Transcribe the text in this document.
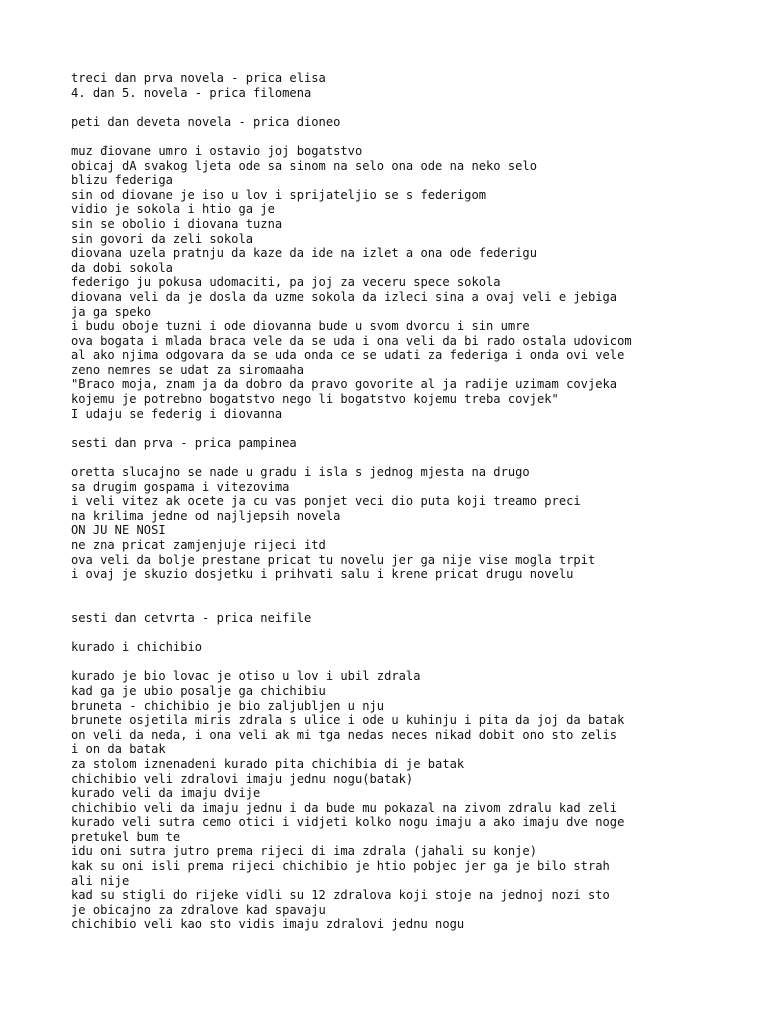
treci dan prva novela - prica elisa
4. dan 5. novela - prica filomena
peti dan deveta novela - prica dioneo
muz điovane umro i ostavio joj bogatstvo
obicaj dA svakog ljeta ode sa sinom na selo ona ode na neko selo
blizu federiga
sin od diovane je iso u lov i sprijateljio se s federigom
vidio je sokola i htio ga je
sin se obolio i diovana tuzna
sin govori da zeli sokola
diovana uzela pratnju da kaze da ide na izlet a ona ode federigu
da dobi sokola
federigo ju pokusa udomaciti, pa joj za veceru spece sokola
diovana veli da je dosla da uzme sokola da izleci sina a ovaj veli e jebiga
ja ga speko
i budu oboje tuzni i ode diovanna bude u svom dvorcu i sin umre
ova bogata i mlada braca vele da se uda i ona veli da bi rado ostala udovicom
al ako njima odgovara da se uda onda ce se udati za federiga i onda ovi vele
zeno nemres se udat za siromaaha
"Braco moja, znam ja da dobro da pravo govorite al ja radije uzimam covjeka
kojemu je potrebno bogatstvo nego li bogatstvo kojemu treba covjek"
I udaju se federig i diovanna
sesti dan prva - prica pampinea
oretta slucajno se nade u gradu i isla s jednog mjesta na drugo
sa drugim gospama i vitezovima
i veli vitez ak ocete ja cu vas ponjet veci dio puta koji treamo preci
na krilima jedne od najljepsih novela
ON JU NE NOSI
ne zna pricat zamjenjuje rijeci itd
ova veli da bolje prestane pricat tu novelu jer ga nije vise mogla trpit
i ovaj je skuzio dosjetku i prihvati salu i krene pricat drugu novelu
sesti dan cetvrta - prica neifile
kurado i chichibio
kurado je bio lovac je otiso u lov i ubil zdrala
kad ga je ubio posalje ga chichibiu
bruneta - chichibio je bio zaljubljen u nju
brunete osjetila miris zdrala s ulice i ode u kuhinju i pita da joj da batak
on veli da neda, i ona veli ak mi tga nedas neces nikad dobit ono sto zelis
i on da batak
za stolom iznenadeni kurado pita chichibia di je batak
chichibio veli zdralovi imaju jednu nogu(batak)
kurado veli da imaju dvije
chichibio veli da imaju jednu i da bude mu pokazal na zivom zdralu kad zeli
kurado veli sutra cemo otici i vidjeti kolko nogu imaju a ako imaju dve noge
pretukel bum te
idu oni sutra jutro prema rijeci di ima zdrala (jahali su konje)
kak su oni isli prema rijeci chichibio je htio pobjec jer ga je bilo strah
ali nije
kad su stigli do rijeke vidli su 12 zdralova koji stoje na jednoj nozi sto
je obicajno za zdralove kad spavaju
chichibio veli kao sto vidis imaju zdralovi jednu nogu
